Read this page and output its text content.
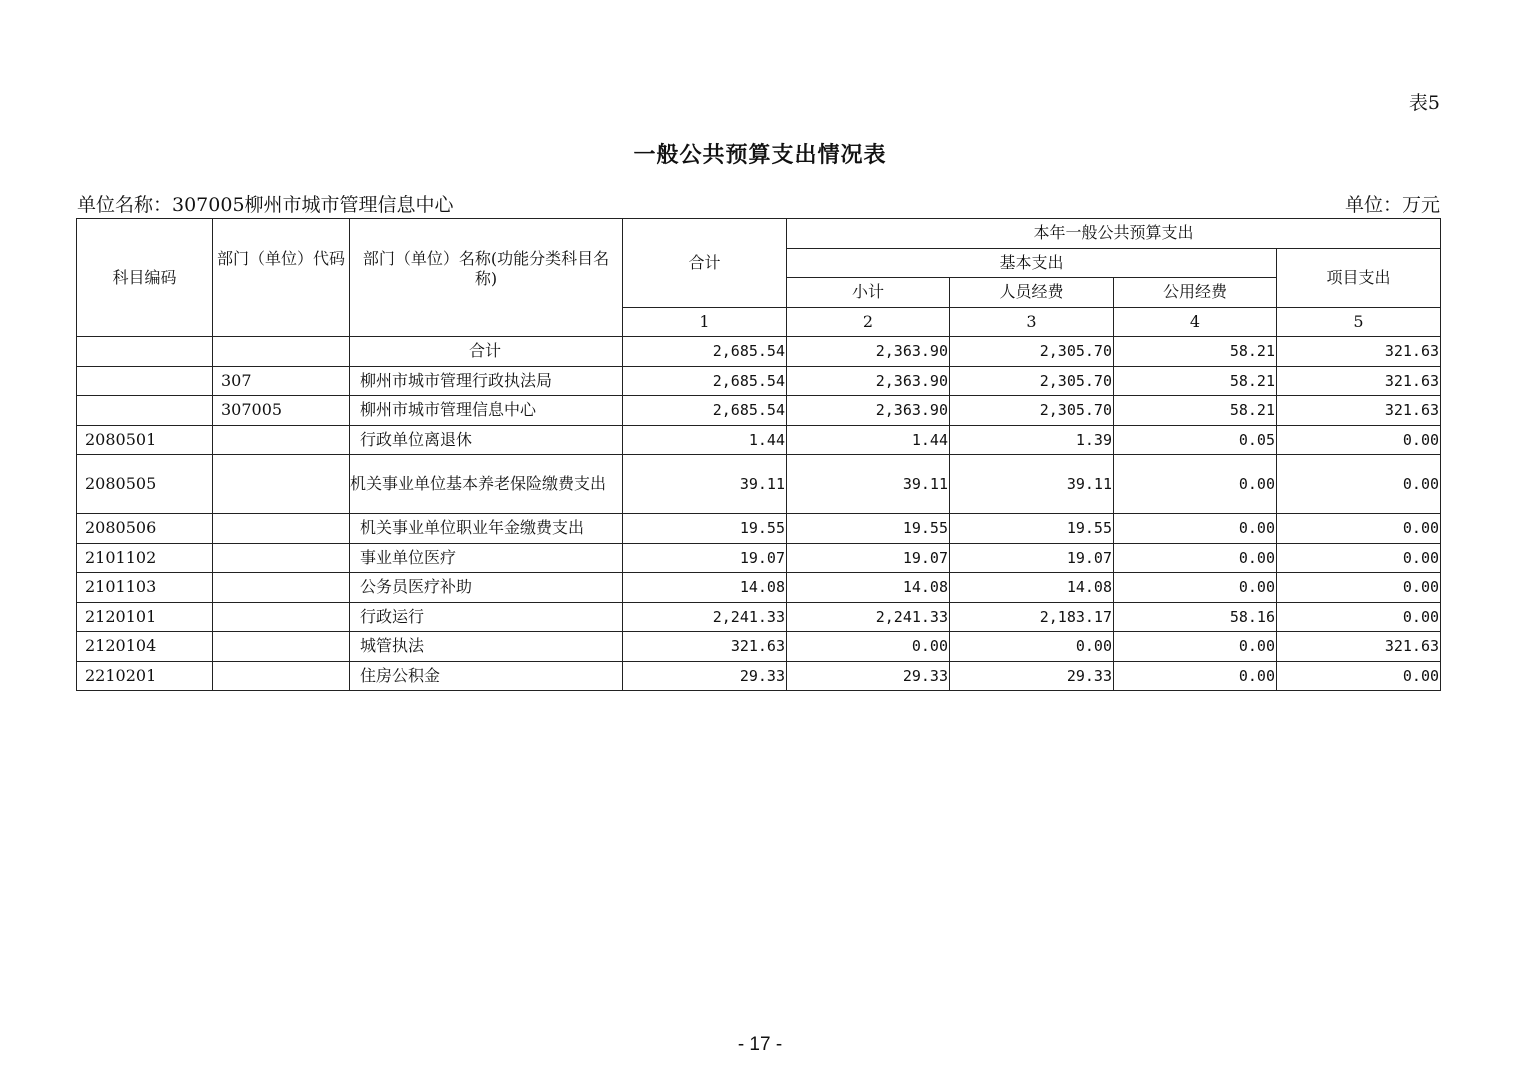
表5
一般公共预算支出情况表
单位名称：307005柳州市城市管理信息中心	单位：万元
科目编码	部门（单位）代码	部门（单位）名称(功能分类科目名称)	合计	本年一般公共预算支出			
				基本支出			项目支出
				小计	人员经费	公用经费	
			1	2	3	4	5
		合计	2,685.54	2,363.90	2,305.70	58.21	321.63
	307	柳州市城市管理行政执法局	2,685.54	2,363.90	2,305.70	58.21	321.63
	307005	柳州市城市管理信息中心	2,685.54	2,363.90	2,305.70	58.21	321.63
2080501		行政单位离退休	1.44	1.44	1.39	0.05	0.00
2080505		机关事业单位基本养老保险缴费支出	39.11	39.11	39.11	0.00	0.00
2080506		机关事业单位职业年金缴费支出	19.55	19.55	19.55	0.00	0.00
2101102		事业单位医疗	19.07	19.07	19.07	0.00	0.00
2101103		公务员医疗补助	14.08	14.08	14.08	0.00	0.00
2120101		行政运行	2,241.33	2,241.33	2,183.17	58.16	0.00
2120104		城管执法	321.63	0.00	0.00	0.00	321.63
2210201		住房公积金	29.33	29.33	29.33	0.00	0.00
- 17 -
